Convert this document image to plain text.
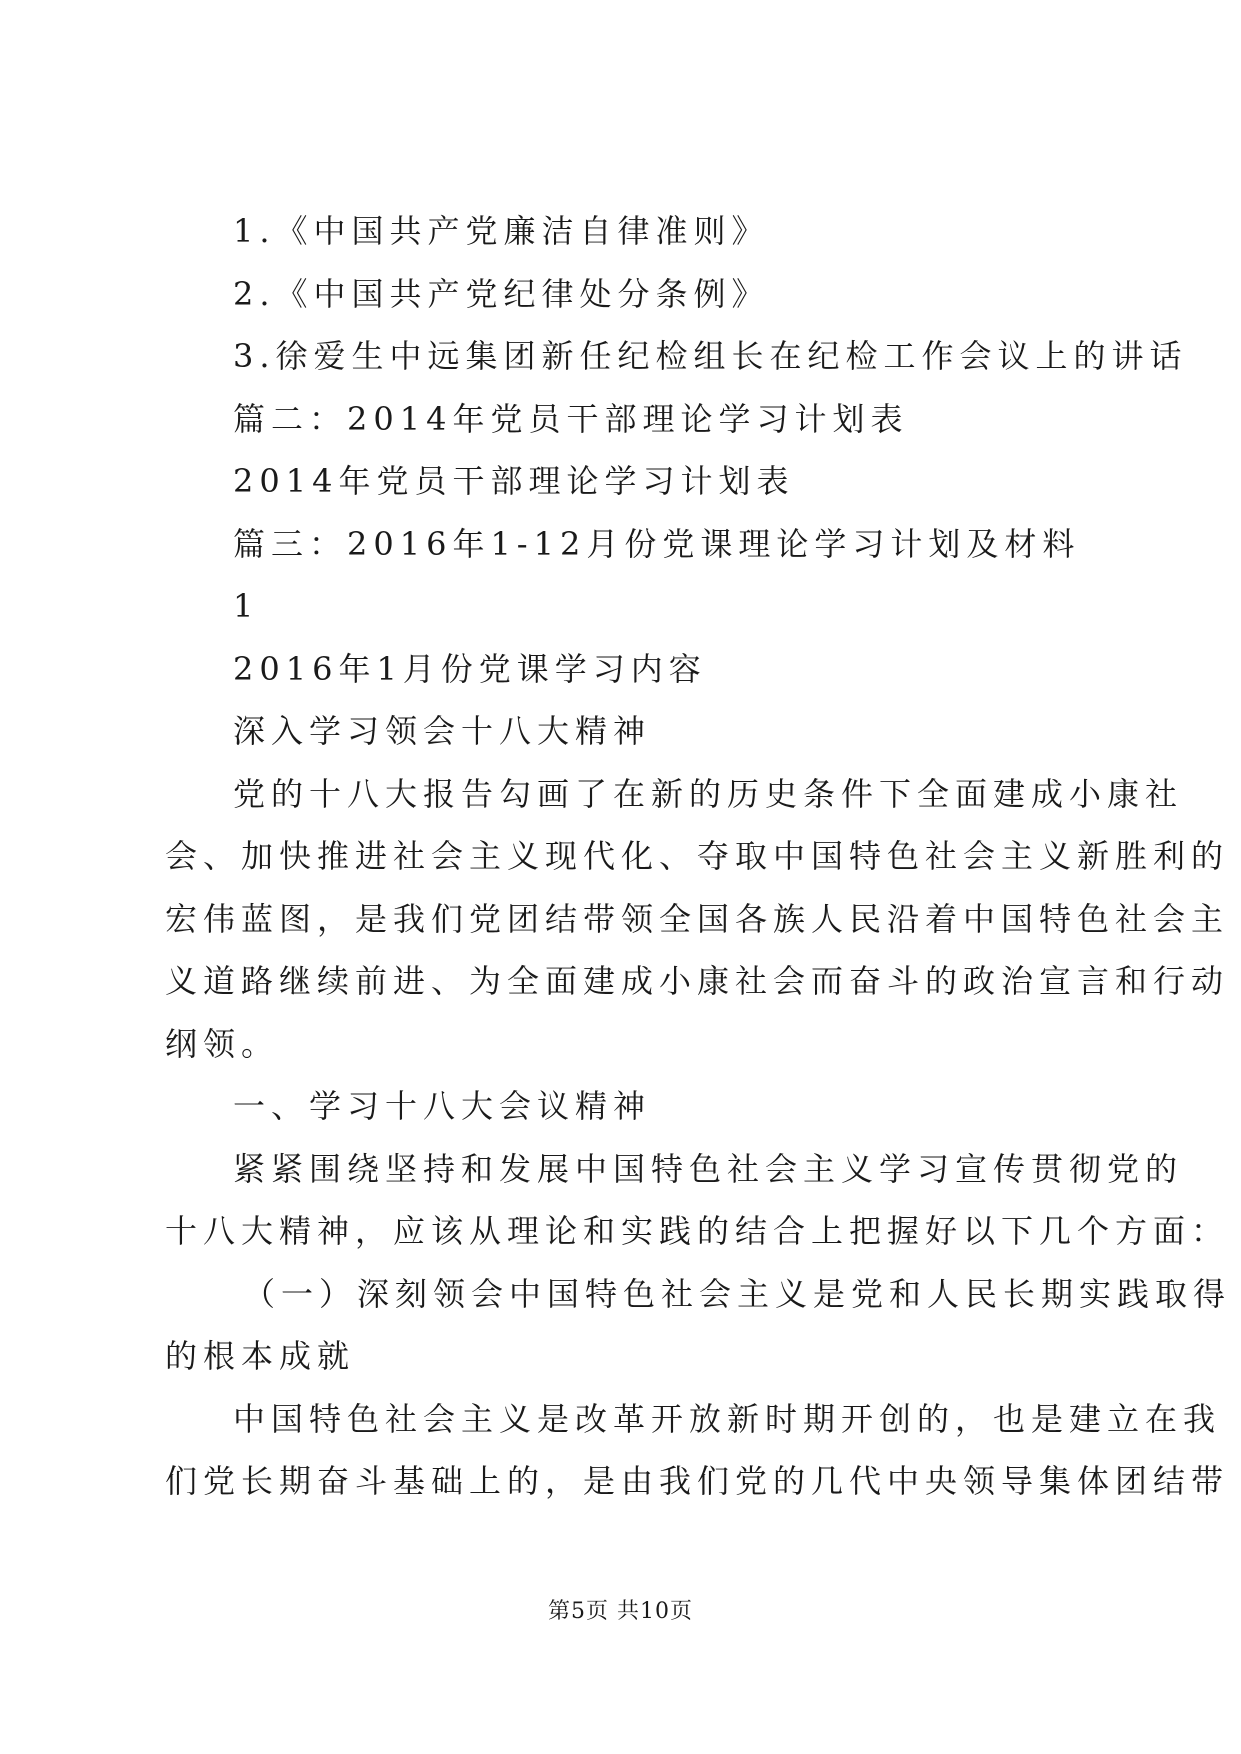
1.《中国共产党廉洁自律准则》
2.《中国共产党纪律处分条例》
3.徐爱生中远集团新任纪检组长在纪检工作会议上的讲话
篇二：2014年党员干部理论学习计划表
2014年党员干部理论学习计划表
篇三：2016年1-12月份党课理论学习计划及材料
1
2016年1月份党课学习内容
深入学习领会十八大精神
党的十八大报告勾画了在新的历史条件下全面建成小康社
会、加快推进社会主义现代化、夺取中国特色社会主义新胜利的
宏伟蓝图，是我们党团结带领全国各族人民沿着中国特色社会主
义道路继续前进、为全面建成小康社会而奋斗的政治宣言和行动
纲领。
一、学习十八大会议精神
紧紧围绕坚持和发展中国特色社会主义学习宣传贯彻党的
十八大精神，应该从理论和实践的结合上把握好以下几个方面：
（一）深刻领会中国特色社会主义是党和人民长期实践取得
的根本成就
中国特色社会主义是改革开放新时期开创的，也是建立在我
们党长期奋斗基础上的，是由我们党的几代中央领导集体团结带
第5页 共10页
